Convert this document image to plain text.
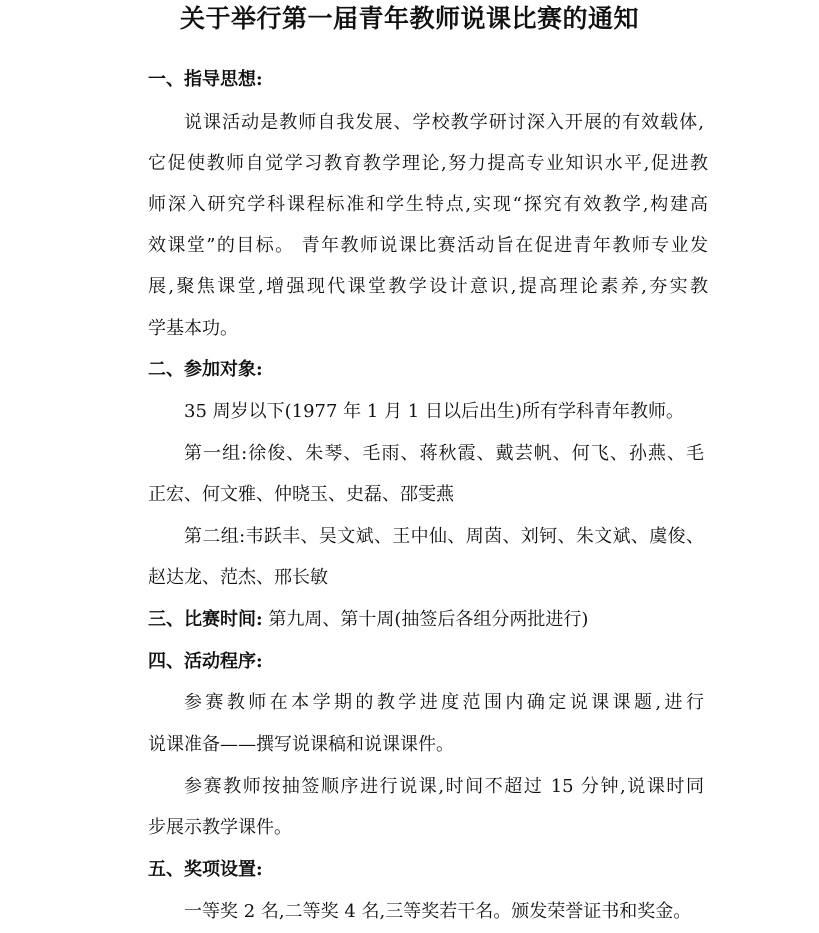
关于举行第一届青年教师说课比赛的通知
一、指导思想:
说课活动是教师自我发展、学校教学研讨深入开展的有效载体,
它促使教师自觉学习教育教学理论,努力提高专业知识水平,促进教
师深入研究学科课程标准和学生特点,实现“探究有效教学,构建高
效课堂”的目标。 青年教师说课比赛活动旨在促进青年教师专业发
展,聚焦课堂,增强现代课堂教学设计意识,提高理论素养,夯实教
学基本功。
二、参加对象:
35 周岁以下(1977 年 1 月 1 日以后出生)所有学科青年教师。
第一组:徐俊、朱琴、毛雨、蒋秋霞、戴芸帆、何飞、孙燕、毛
正宏、何文雅、仲晓玉、史磊、邵雯燕
第二组:韦跃丰、吴文斌、王中仙、周茵、刘钶、朱文斌、虞俊、
赵达龙、范杰、邢长敏
三、比赛时间: 第九周、第十周(抽签后各组分两批进行)
四、活动程序:
参赛教师在本学期的教学进度范围内确定说课课题,进行
说课准备——撰写说课稿和说课课件。
参赛教师按抽签顺序进行说课,时间不超过 15 分钟,说课时同
步展示教学课件。
五、奖项设置:
一等奖 2 名,二等奖 4 名,三等奖若干名。颁发荣誉证书和奖金。
